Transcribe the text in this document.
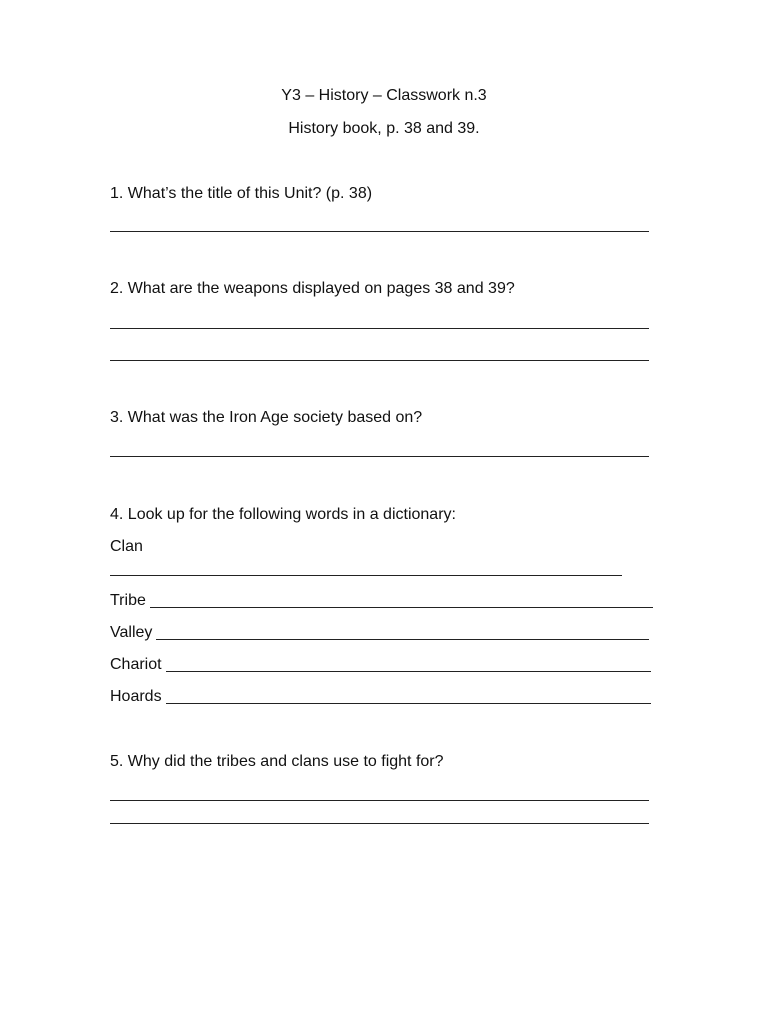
Y3 – History – Classwork n.3
History book, p. 38 and 39.
1. What’s the title of this Unit? (p. 38)
2. What are the weapons displayed on pages 38 and 39?
3. What was the Iron Age society based on?
4. Look up for the following words in a dictionary:
Clan
Tribe
Valley
Chariot
Hoards
5. Why did the tribes and clans use to fight for?
